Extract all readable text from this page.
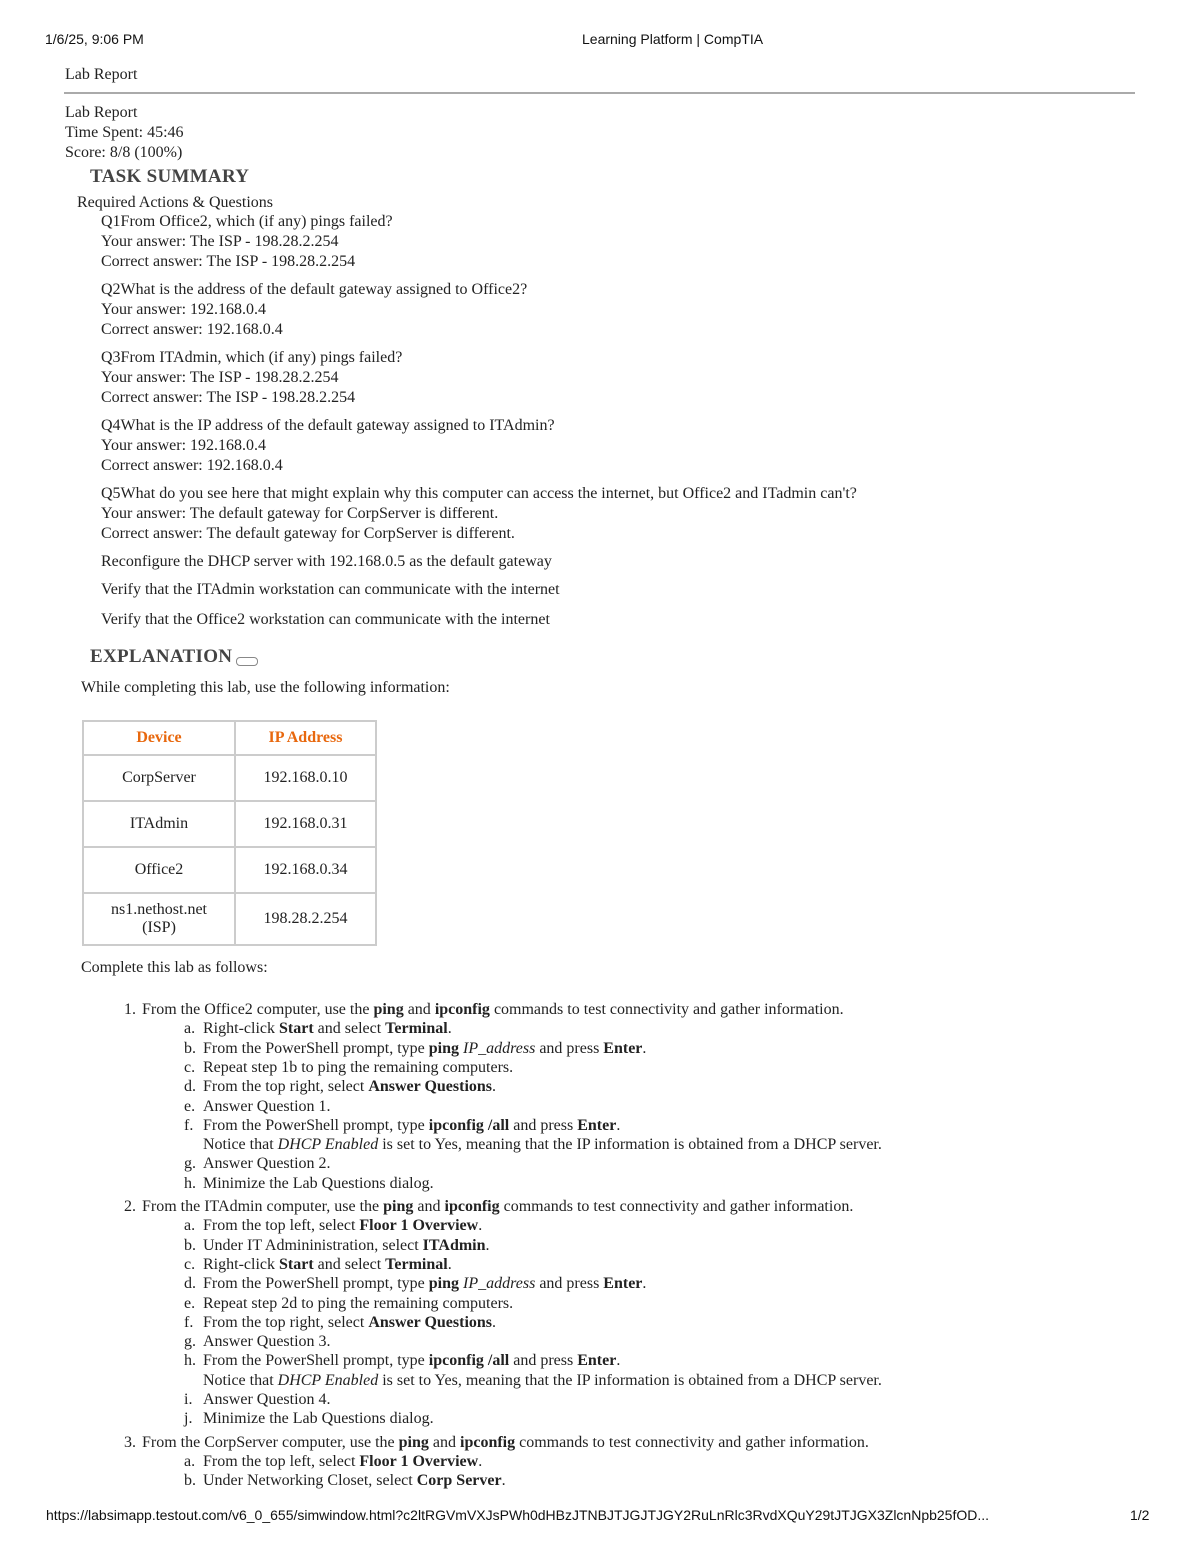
1/6/25, 9:06 PM	Learning Platform | CompTIA
Lab Report
Lab Report
Time Spent: 45:46
Score: 8/8 (100%)
TASK SUMMARY
Required Actions & Questions
Q1From Office2, which (if any) pings failed?
Your answer: The ISP - 198.28.2.254
Correct answer: The ISP - 198.28.2.254
Q2What is the address of the default gateway assigned to Office2?
Your answer: 192.168.0.4
Correct answer: 192.168.0.4
Q3From ITAdmin, which (if any) pings failed?
Your answer: The ISP - 198.28.2.254
Correct answer: The ISP - 198.28.2.254
Q4What is the IP address of the default gateway assigned to ITAdmin?
Your answer: 192.168.0.4
Correct answer: 192.168.0.4
Q5What do you see here that might explain why this computer can access the internet, but Office2 and ITadmin can't?
Your answer: The default gateway for CorpServer is different.
Correct answer: The default gateway for CorpServer is different.
Reconfigure the DHCP server with 192.168.0.5 as the default gateway
Verify that the ITAdmin workstation can communicate with the internet
Verify that the Office2 workstation can communicate with the internet
EXPLANATION
While completing this lab, use the following information:
Device	IP Address
CorpServer	192.168.0.10
ITAdmin	192.168.0.31
Office2	192.168.0.34
ns1.nethost.net
(ISP)	198.28.2.254
Complete this lab as follows:
1. From the Office2 computer, use the ping and ipconfig commands to test connectivity and gather information.
a. Right-click Start and select Terminal.
b. From the PowerShell prompt, type ping IP_address and press Enter.
c. Repeat step 1b to ping the remaining computers.
d. From the top right, select Answer Questions.
e. Answer Question 1.
f. From the PowerShell prompt, type ipconfig /all and press Enter.
Notice that DHCP Enabled is set to Yes, meaning that the IP information is obtained from a DHCP server.
g. Answer Question 2.
h. Minimize the Lab Questions dialog.
2. From the ITAdmin computer, use the ping and ipconfig commands to test connectivity and gather information.
a. From the top left, select Floor 1 Overview.
b. Under IT Admininistration, select ITAdmin.
c. Right-click Start and select Terminal.
d. From the PowerShell prompt, type ping IP_address and press Enter.
e. Repeat step 2d to ping the remaining computers.
f. From the top right, select Answer Questions.
g. Answer Question 3.
h. From the PowerShell prompt, type ipconfig /all and press Enter.
Notice that DHCP Enabled is set to Yes, meaning that the IP information is obtained from a DHCP server.
i. Answer Question 4.
j. Minimize the Lab Questions dialog.
3. From the CorpServer computer, use the ping and ipconfig commands to test connectivity and gather information.
a. From the top left, select Floor 1 Overview.
b. Under Networking Closet, select Corp Server.
https://labsimapp.testout.com/v6_0_655/simwindow.html?c2ltRGVmVXJsPWh0dHBzJTNBJTJGJTJGY2RuLnRlc3RvdXQuY29tJTJGX3ZlcnNpb25fOD...	1/2
